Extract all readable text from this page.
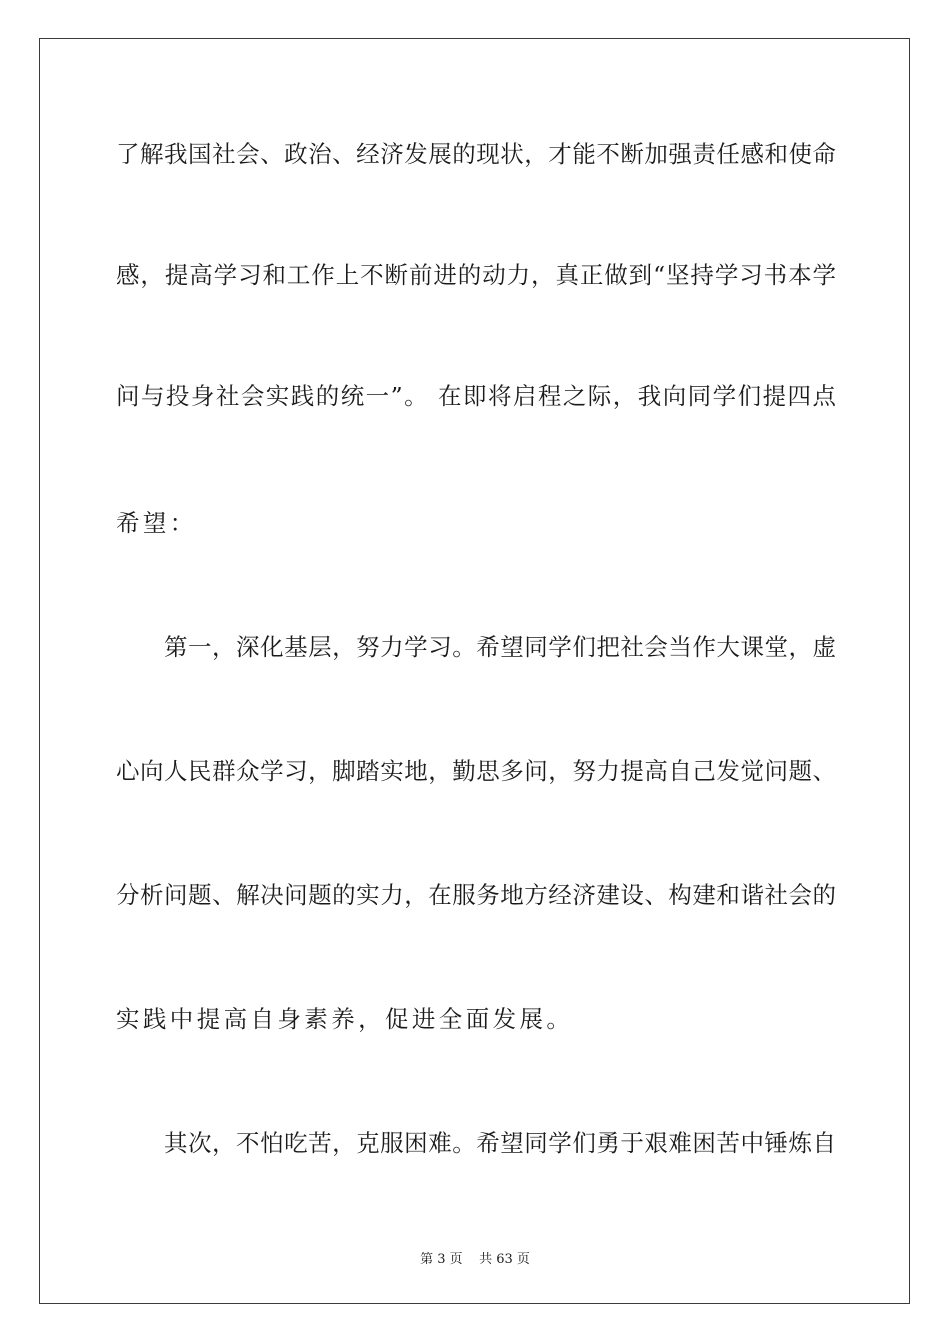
了解我国社会、政治、经济发展的现状，才能不断加强责任感和使命
感，提高学习和工作上不断前进的动力，真正做到“坚持学习书本学
问与投身社会实践的统一”。 在即将启程之际，我向同学们提四点
希望：
第一，深化基层，努力学习。希望同学们把社会当作大课堂，虚
心向人民群众学习，脚踏实地，勤思多问，努力提高自己发觉问题、
分析问题、解决问题的实力，在服务地方经济建设、构建和谐社会的
实践中提高自身素养，促进全面发展。
其次，不怕吃苦，克服困难。希望同学们勇于艰难困苦中锤炼自
第 3 页    共 63 页
